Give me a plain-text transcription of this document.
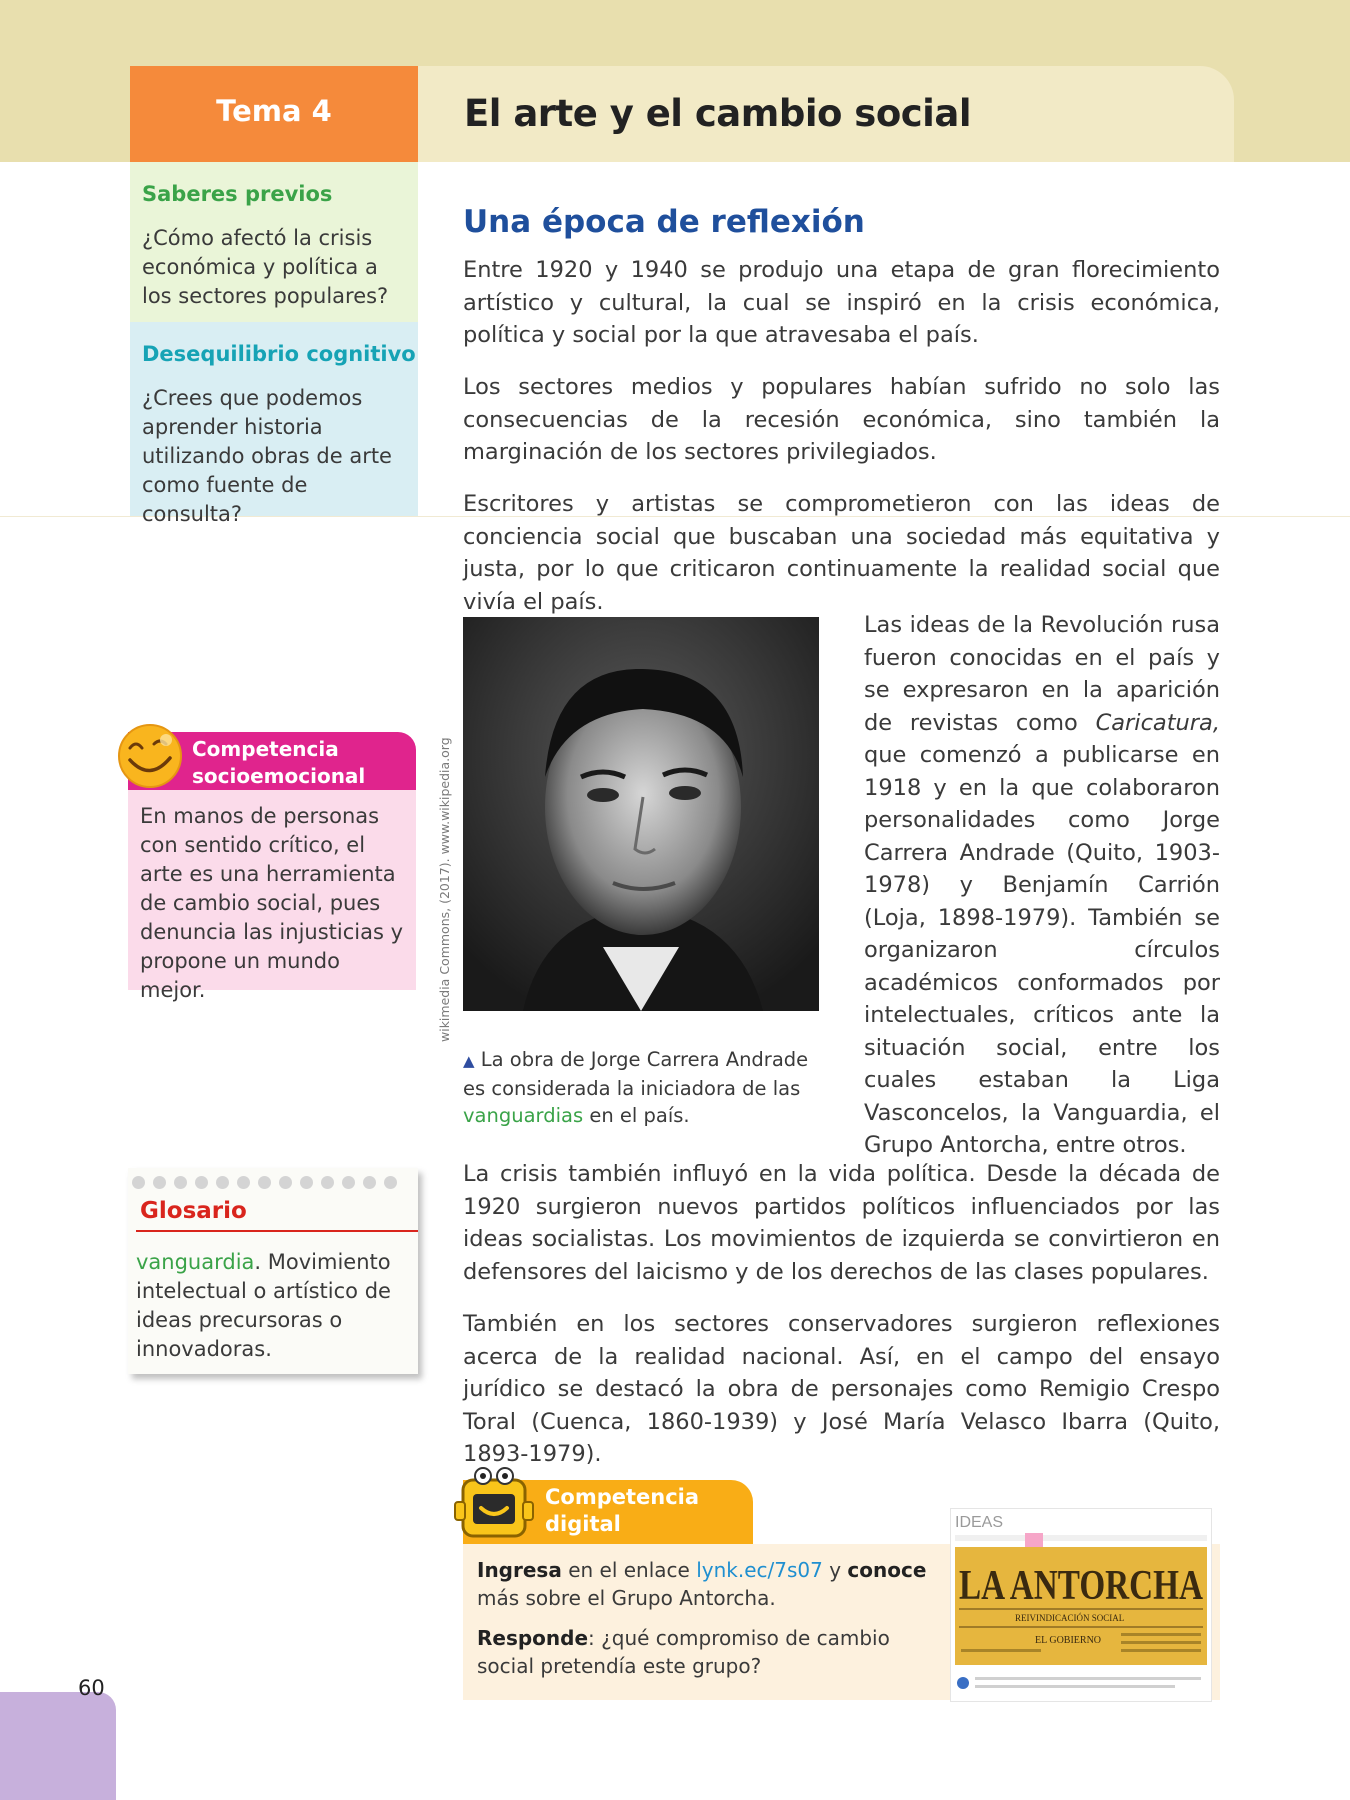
Tema 4	El arte y el cambio social
Saberes previos
¿Cómo afectó la crisis económica y política a los sectores populares?
Desequilibrio cognitivo
¿Crees que podemos aprender historia utilizando obras de arte como fuente de consulta?
Competencia
socioemocional
En manos de personas con sentido crítico, el arte es una herramienta de cambio social, pues denuncia las injusticias y propone un mundo mejor.
Glosario
vanguardia. Movimiento intelectual o artístico de ideas precursoras o innovadoras.
60
Una época de reflexión
Entre 1920 y 1940 se produjo una etapa de gran florecimiento artístico y cultural, la cual se inspiró en la crisis económica, política y social por la que atravesaba el país.
Los sectores medios y populares habían sufrido no solo las consecuencias de la recesión económica, sino también la marginación de los sectores privilegiados.
Escritores y artistas se comprometieron con las ideas de conciencia social que buscaban una sociedad más equitativa y justa, por lo que criticaron continuamente la realidad social que vivía el país.
wikimedia Commons, (2017). www.wikipedia.org
▲ La obra de Jorge Carrera Andrade es considerada la iniciadora de las vanguardias en el país.
Las ideas de la Revolución rusa fueron conocidas en el país y se expresaron en la aparición de revistas como Caricatura, que comenzó a publicarse en 1918 y en la que colaboraron personalidades como Jorge Carrera Andrade (Quito, 1903-1978) y Benjamín Carrión (Loja, 1898-1979). También se organizaron círculos académicos conformados por intelectuales, críticos ante la situación social, entre los cuales estaban la Liga Vasconcelos, la Vanguardia, el Grupo Antorcha, entre otros.
La crisis también influyó en la vida política. Desde la década de 1920 surgieron nuevos partidos políticos influenciados por las ideas socialistas. Los movimientos de izquierda se convirtieron en defensores del laicismo y de los derechos de las clases populares.
También en los sectores conservadores surgieron reflexiones acerca de la realidad nacional. Así, en el campo del ensayo jurídico se destacó la obra de personajes como Remigio Crespo Toral (Cuenca, 1860-1939) y José María Velasco Ibarra (Quito, 1893-1979).
Competencia
digital
Ingresa en el enlace lynk.ec/7s07 y conoce más sobre el Grupo Antorcha.
Responde: ¿qué compromiso de cambio social pretendía este grupo?
IDEAS
LA ANTORCHA
REIVINDICACIÓN SOCIAL
EL GOBIERNO
